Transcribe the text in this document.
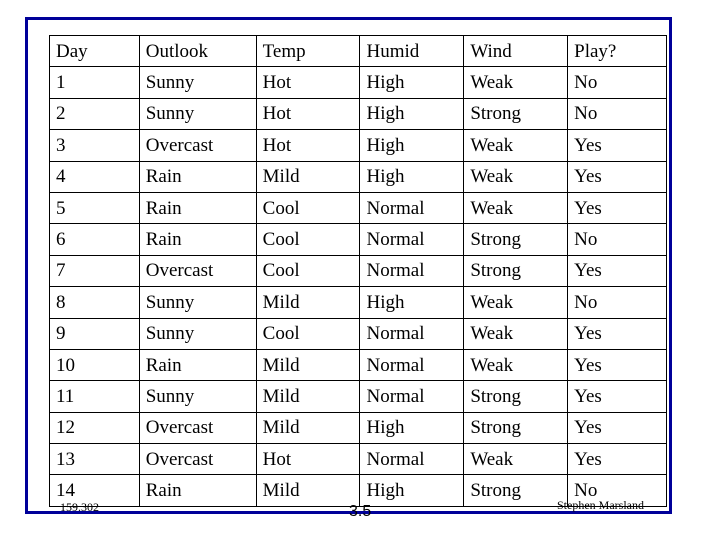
Day	Outlook	Temp	Humid	Wind	Play?
1	Sunny	Hot	High	Weak	No
2	Sunny	Hot	High	Strong	No
3	Overcast	Hot	High	Weak	Yes
4	Rain	Mild	High	Weak	Yes
5	Rain	Cool	Normal	Weak	Yes
6	Rain	Cool	Normal	Strong	No
7	Overcast	Cool	Normal	Strong	Yes
8	Sunny	Mild	High	Weak	No
9	Sunny	Cool	Normal	Weak	Yes
10	Rain	Mild	Normal	Weak	Yes
11	Sunny	Mild	Normal	Strong	Yes
12	Overcast	Mild	High	Strong	Yes
13	Overcast	Hot	Normal	Weak	Yes
14	Rain	Mild	High	Strong	No
159.302	3.5	Stephen Marsland
